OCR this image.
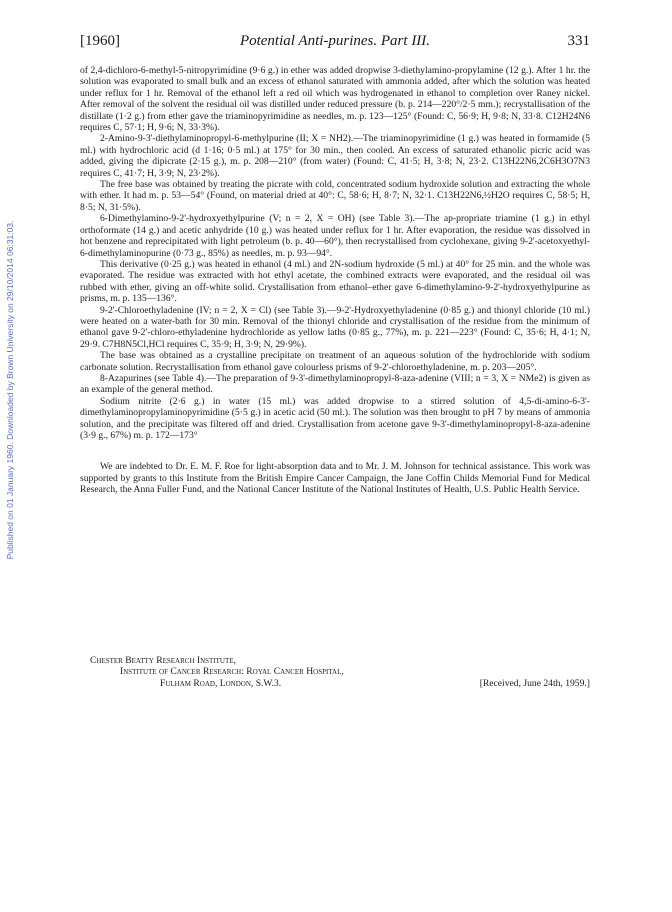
Published on 01 January 1960. Downloaded by Brown University on 29/10/2014 06:31:03.
[1960]	Potential Anti-purines. Part III.	331

of 2,4-dichloro-6-methyl-5-nitropyrimidine (9·6 g.) in ether was added dropwise 3-diethylamino-propylamine (12 g.). After 1 hr. the solution was evaporated to small bulk and an excess of ethanol saturated with ammonia added, after which the solution was heated under reflux for 1 hr. Removal of the ethanol left a red oil which was hydrogenated in ethanol to completion over Raney nickel. After removal of the solvent the residual oil was distilled under reduced pressure (b. p. 214—220°/2·5 mm.); recrystallisation of the distillate (1·2 g.) from ether gave the triaminopyrimidine as needles, m. p. 123—125° (Found: C, 56·9; H, 9·8; N, 33·8. C12H24N6 requires C, 57·1; H, 9·6; N, 33·3%).

2-Amino-9-3'-diethylaminopropyl-6-methylpurine (II; X = NH2).—The triaminopyrimidine (1 g.) was heated in formamide (5 ml.) with hydrochloric acid (d 1·16; 0·5 ml.) at 175° for 30 min., then cooled. An excess of saturated ethanolic picric acid was added, giving the dipicrate (2·15 g.), m. p. 208—210° (from water) (Found: C, 41·5; H, 3·8; N, 23·2. C13H22N6,2C6H3O7N3 requires C, 41·7; H, 3·9; N, 23·2%).

The free base was obtained by treating the picrate with cold, concentrated sodium hydroxide solution and extracting the whole with ether. It had m. p. 53—54° (Found, on material dried at 40°: C, 58·6; H, 8·7; N, 32·1. C13H22N6,½H2O requires C, 58·5; H, 8·5; N, 31·5%).

6-Dimethylamino-9-2'-hydroxyethylpurine (V; n = 2, X = OH) (see Table 3).—The ap-propriate triamine (1 g.) in ethyl orthoformate (14 g.) and acetic anhydride (10 g.) was heated under reflux for 1 hr. After evaporation, the residue was dissolved in hot benzene and reprecipitated with light petroleum (b. p. 40—60°), then recrystallised from cyclohexane, giving 9-2'-acetoxyethyl-6-dimethylaminopurine (0·73 g., 85%) as needles, m. p. 93—94°.

This derivative (0·25 g.) was heated in ethanol (4 ml.) and 2N-sodium hydroxide (5 ml.) at 40° for 25 min. and the whole was evaporated. The residue was extracted with hot ethyl acetate, the combined extracts were evaporated, and the residual oil was rubbed with ether, giving an off-white solid. Crystallisation from ethanol–ether gave 6-dimethylamino-9-2'-hydroxyethylpurine as prisms, m. p. 135—136°.

9-2'-Chloroethyladenine (IV; n = 2, X = Cl) (see Table 3).—9-2'-Hydroxyethyladenine (0·85 g.) and thionyl chloride (10 ml.) were heated on a water-bath for 30 min. Removal of the thionyl chloride and crystallisation of the residue from the minimum of ethanol gave 9-2'-chloro-ethyladenine hydrochloride as yellow laths (0·85 g., 77%), m. p. 221—223° (Found: C, 35·6; H, 4·1; N, 29·9. C7H8N5Cl,HCl requires C, 35·9; H, 3·9; N, 29·9%).

The base was obtained as a crystalline precipitate on treatment of an aqueous solution of the hydrochloride with sodium carbonate solution. Recrystallisation from ethanol gave colourless prisms of 9-2'-chloroethyladenine, m. p. 203—205°.

8-Azapurines (see Table 4).—The preparation of 9-3'-dimethylaminopropyl-8-aza-adenine (VIII; n = 3, X = NMe2) is given as an example of the general method.

Sodium nitrite (2·6 g.) in water (15 ml.) was added dropwise to a stirred solution of 4,5-di-amino-6-3'-dimethylaminopropylaminopyrimidine (5·5 g.) in acetic acid (50 ml.). The solution was then brought to pH 7 by means of ammonia solution, and the precipitate was filtered off and dried. Crystallisation from acetone gave 9-3'-dimethylaminopropyl-8-aza-adenine (3·9 g., 67%) m. p. 172—173°

We are indebted to Dr. E. M. F. Roe for light-absorption data and to Mr. J. M. Johnson for technical assistance. This work was supported by grants to this Institute from the British Empire Cancer Campaign, the Jane Coffin Childs Memorial Fund for Medical Research, the Anna Fuller Fund, and the National Cancer Institute of the National Institutes of Health, U.S. Public Health Service.

Chester Beatty Research Institute,
Institute of Cancer Research: Royal Cancer Hospital,
Fulham Road, London, S.W.3.	[Received, June 24th, 1959.]
